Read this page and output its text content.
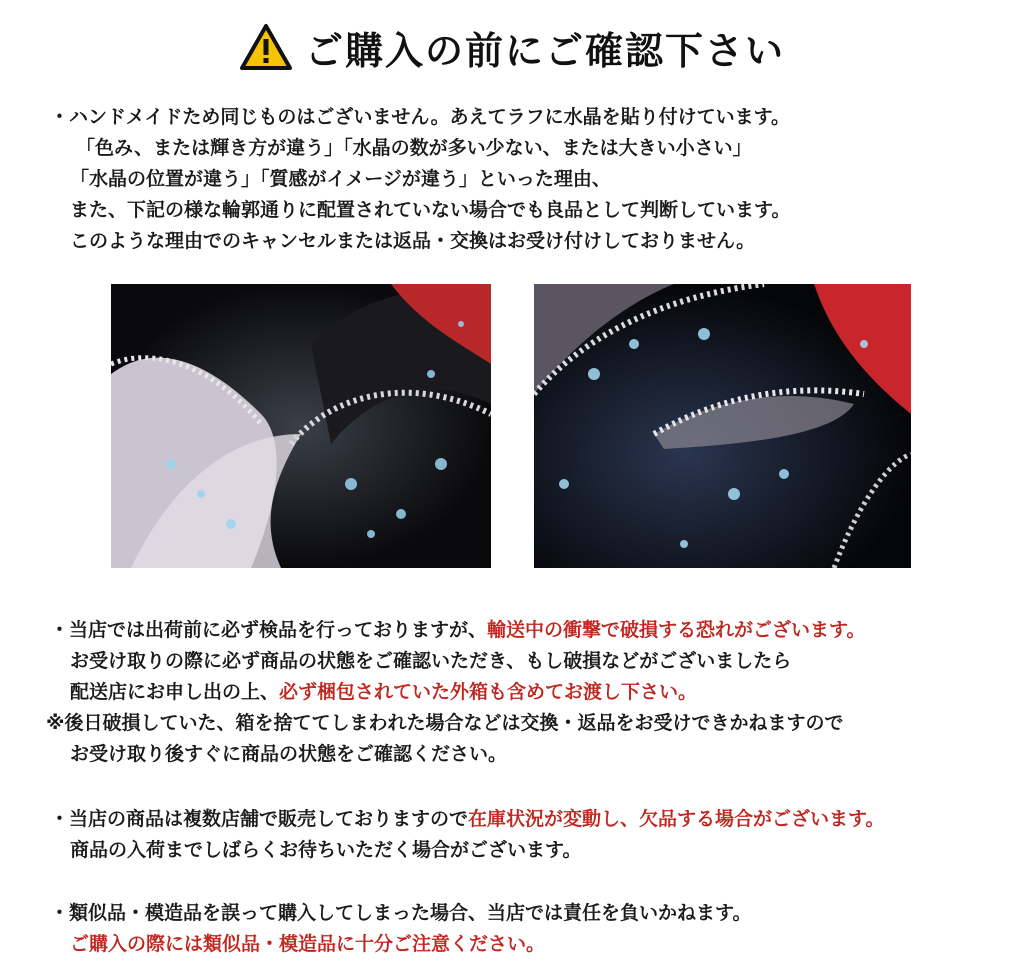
ご購入の前にご確認下さい
・ハンドメイドため同じものはございません。あえてラフに水晶を貼り付けています。
「色み、または輝き方が違う」「水晶の数が多い少ない、または大きい小さい」
「水晶の位置が違う」「質感がイメージが違う」といった理由、
また、下記の様な輪郭通りに配置されていない場合でも良品として判断しています。
このような理由でのキャンセルまたは返品・交換はお受け付けしておりません。
・当店では出荷前に必ず検品を行っておりますが、輸送中の衝撃で破損する恐れがございます。
お受け取りの際に必ず商品の状態をご確認いただき、もし破損などがございましたら
配送店にお申し出の上、必ず梱包されていた外箱も含めてお渡し下さい。
※後日破損していた、箱を捨ててしまわれた場合などは交換・返品をお受けできかねますので
お受け取り後すぐに商品の状態をご確認ください。
・当店の商品は複数店舗で販売しておりますので在庫状況が変動し、欠品する場合がございます。
商品の入荷までしばらくお待ちいただく場合がございます。
・類似品・模造品を誤って購入してしまった場合、当店では責任を負いかねます。
ご購入の際には類似品・模造品に十分ご注意ください。
